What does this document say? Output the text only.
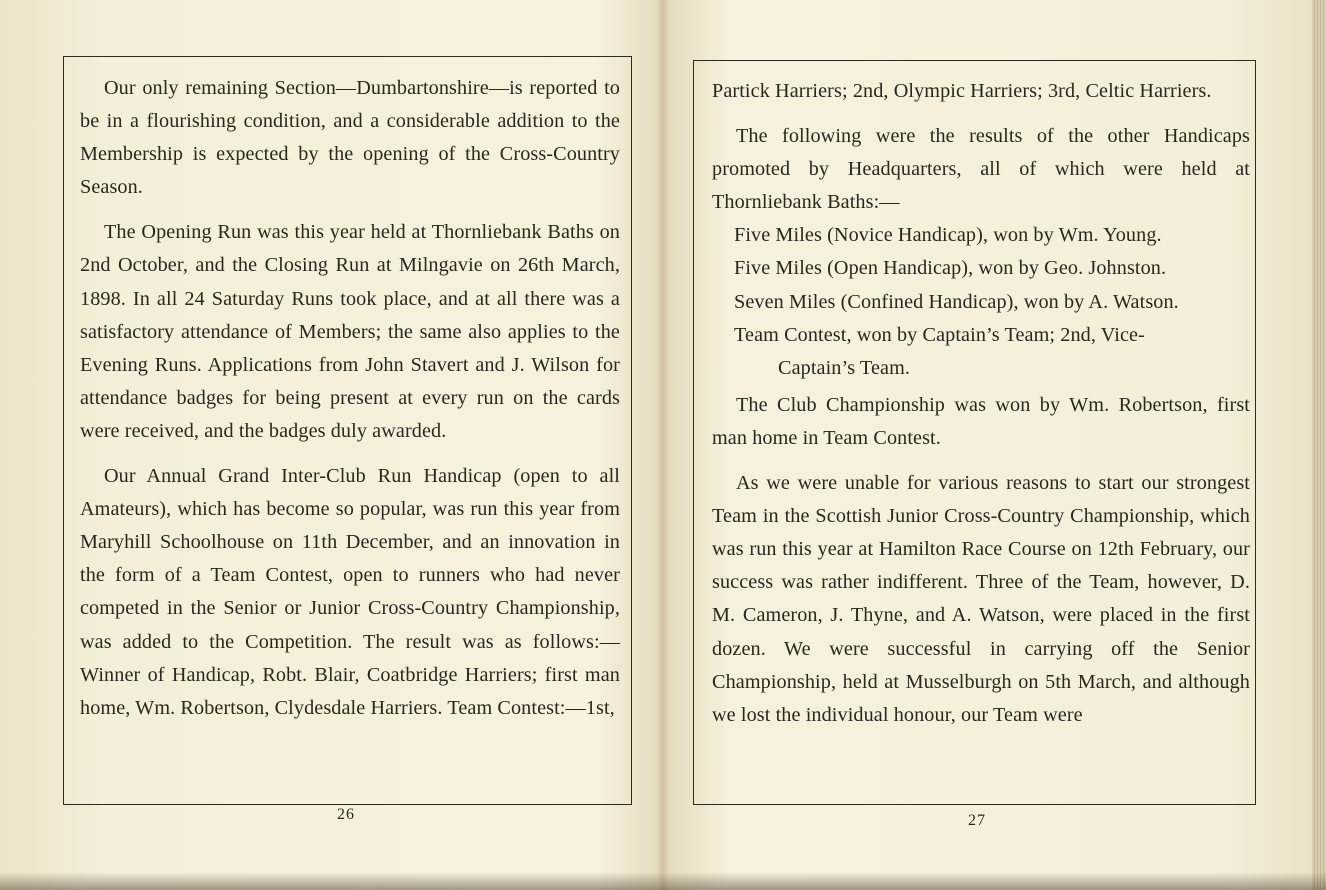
Our only remaining Section—Dumbartonshire—is reported to be in a flourishing condition, and a considerable addition to the Membership is expected by the opening of the Cross-Country Season.

The Opening Run was this year held at Thornliebank Baths on 2nd October, and the Closing Run at Milngavie on 26th March, 1898. In all 24 Saturday Runs took place, and at all there was a satisfactory attendance of Members; the same also applies to the Evening Runs. Applications from John Stavert and J. Wilson for attendance badges for being present at every run on the cards were received, and the badges duly awarded.

Our Annual Grand Inter-Club Run Handicap (open to all Amateurs), which has become so popular, was run this year from Maryhill Schoolhouse on 11th December, and an innovation in the form of a Team Contest, open to runners who had never competed in the Senior or Junior Cross-Country Championship, was added to the Competition. The result was as follows:—Winner of Handicap, Robt. Blair, Coatbridge Harriers; first man home, Wm. Robertson, Clydesdale Harriers. Team Contest:—1st,

26

Partick Harriers; 2nd, Olympic Harriers; 3rd, Celtic Harriers.

The following were the results of the other Handicaps promoted by Headquarters, all of which were held at Thornliebank Baths:—

Five Miles (Novice Handicap), won by Wm. Young.

Five Miles (Open Handicap), won by Geo. Johnston.

Seven Miles (Confined Handicap), won by A. Watson.

Team Contest, won by Captain’s Team; 2nd, Vice-
Captain’s Team.

The Club Championship was won by Wm. Robertson, first man home in Team Contest.

As we were unable for various reasons to start our strongest Team in the Scottish Junior Cross-Country Championship, which was run this year at Hamilton Race Course on 12th February, our success was rather indifferent. Three of the Team, however, D. M. Cameron, J. Thyne, and A. Watson, were placed in the first dozen. We were successful in carrying off the Senior Championship, held at Musselburgh on 5th March, and although we lost the individual honour, our Team were

27
